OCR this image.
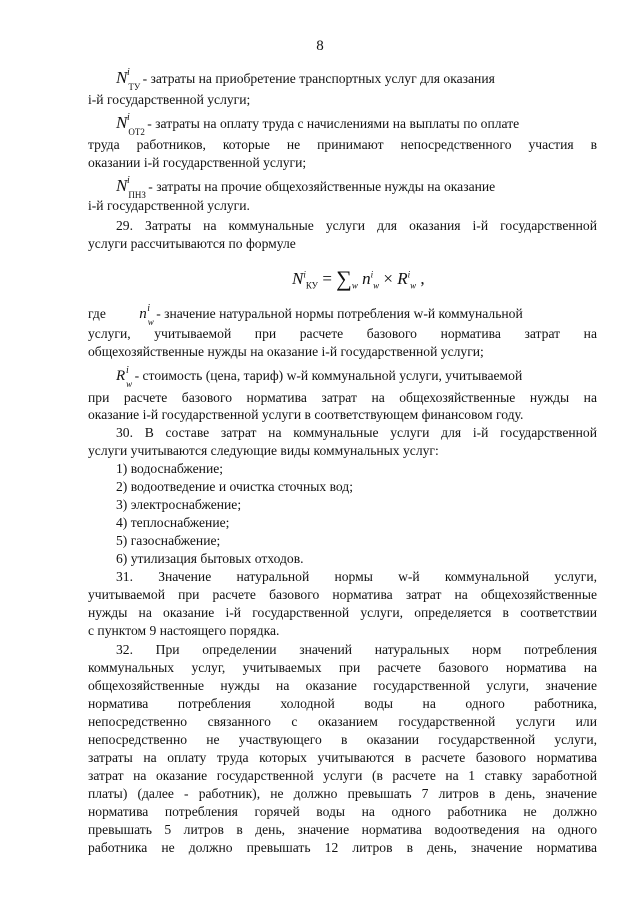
8
N i
$_{ТУ}$ - затраты на приобретение транспортных услуг для оказания
i-й государственной услуги;
N i
$_{ОТ2}$ - затраты на оплату труда с начислениями на выплаты по оплате
труда работников, которые не принимают непосредственного участия в
оказании i-й государственной услуги;
N i
$_{ПНЗ}$ - затраты на прочие общехозяйственные нужды на оказание
i-й государственной услуги.
29. Затраты на коммунальные услуги для оказания i-й государственной
услуги рассчитываются по формуле
$N^i_{КУ} = \sum_w$ $n^i_w \times R^i_w$ ,
где n i
$_w$ - значение натуральной нормы потребления w-й коммунальной
услуги, учитываемой при расчете базового норматива затрат на
общехозяйственные нужды на оказание i-й государственной услуги;
R i
$_w$ - стоимость (цена, тариф) w-й коммунальной услуги, учитываемой
при расчете базового норматива затрат на общехозяйственные нужды на
оказание i-й государственной услуги в соответствующем финансовом году.
30. В составе затрат на коммунальные услуги для i-й государственной
услуги учитываются следующие виды коммунальных услуг:
1) водоснабжение;
2) водоотведение и очистка сточных вод;
3) электроснабжение;
4) теплоснабжение;
5) газоснабжение;
6) утилизация бытовых отходов.
31. Значение натуральной нормы w-й коммунальной услуги,
учитываемой при расчете базового норматива затрат на общехозяйственные
нужды на оказание i-й государственной услуги, определяется в соответствии
с пунктом 9 настоящего порядка.
32. При определении значений натуральных норм потребления
коммунальных услуг, учитываемых при расчете базового норматива на
общехозяйственные нужды на оказание государственной услуги, значение
норматива потребления холодной воды на одного работника,
непосредственно связанного с оказанием государственной услуги или
непосредственно не участвующего в оказании государственной услуги,
затраты на оплату труда которых учитываются в расчете базового норматива
затрат на оказание государственной услуги (в расчете на 1 ставку заработной
платы) (далее - работник), не должно превышать 7 литров в день, значение
норматива потребления горячей воды на одного работника не должно
превышать 5 литров в день, значение норматива водоотведения на одного
работника не должно превышать 12 литров в день, значение норматива
